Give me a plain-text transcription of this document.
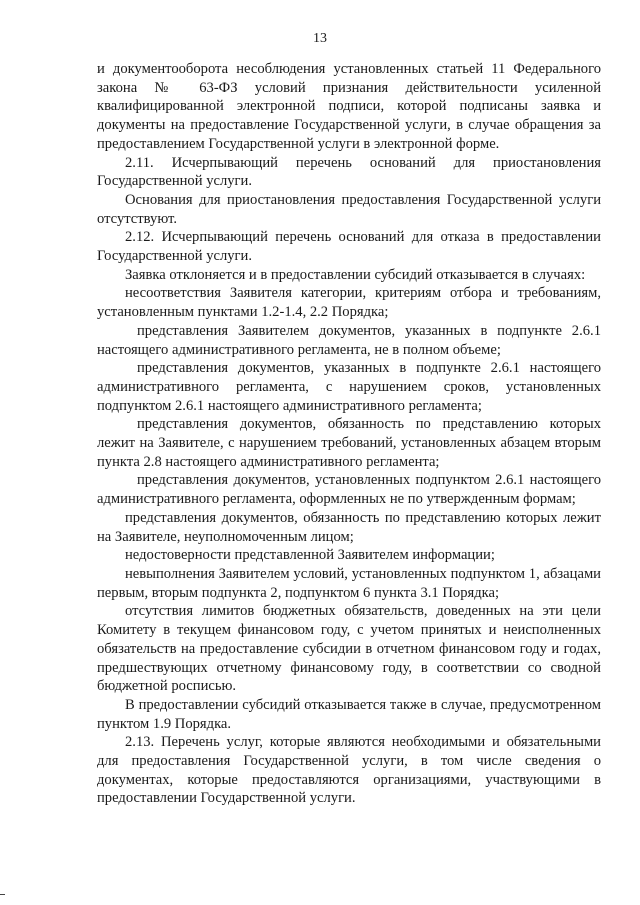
13

и документооборота несоблюдения установленных статьей 11 Федерального закона № 63-ФЗ условий признания действительности усиленной квалифицированной электронной подписи, которой подписаны заявка и документы на предоставление Государственной услуги, в случае обращения за предоставлением Государственной услуги в электронной форме.

2.11. Исчерпывающий перечень оснований для приостановления Государственной услуги.

Основания для приостановления предоставления Государственной услуги отсутствуют.

2.12. Исчерпывающий перечень оснований для отказа в предоставлении Государственной услуги.

Заявка отклоняется и в предоставлении субсидий отказывается в случаях:

несоответствия Заявителя категории, критериям отбора и требованиям, установленным пунктами 1.2-1.4, 2.2 Порядка;

представления Заявителем документов, указанных в подпункте 2.6.1 настоящего административного регламента, не в полном объеме;

представления документов, указанных в подпункте 2.6.1 настоящего административного регламента, с нарушением сроков, установленных подпунктом 2.6.1 настоящего административного регламента;

представления документов, обязанность по представлению которых лежит на Заявителе, с нарушением требований, установленных абзацем вторым пункта 2.8 настоящего административного регламента;

представления документов, установленных подпунктом 2.6.1 настоящего административного регламента, оформленных не по утвержденным формам;

представления документов, обязанность по представлению которых лежит на Заявителе, неуполномоченным лицом;

недостоверности представленной Заявителем информации;

невыполнения Заявителем условий, установленных подпунктом 1, абзацами первым, вторым подпункта 2, подпунктом 6 пункта 3.1 Порядка;

отсутствия лимитов бюджетных обязательств, доведенных на эти цели Комитету в текущем финансовом году, с учетом принятых и неисполненных обязательств на предоставление субсидии в отчетном финансовом году и годах, предшествующих отчетному финансовому году, в соответствии со сводной бюджетной росписью.

В предоставлении субсидий отказывается также в случае, предусмотренном пунктом 1.9 Порядка.

2.13. Перечень услуг, которые являются необходимыми и обязательными для предоставления Государственной услуги, в том числе сведения о документах, которые предоставляются организациями, участвующими в предоставлении Государственной услуги.
